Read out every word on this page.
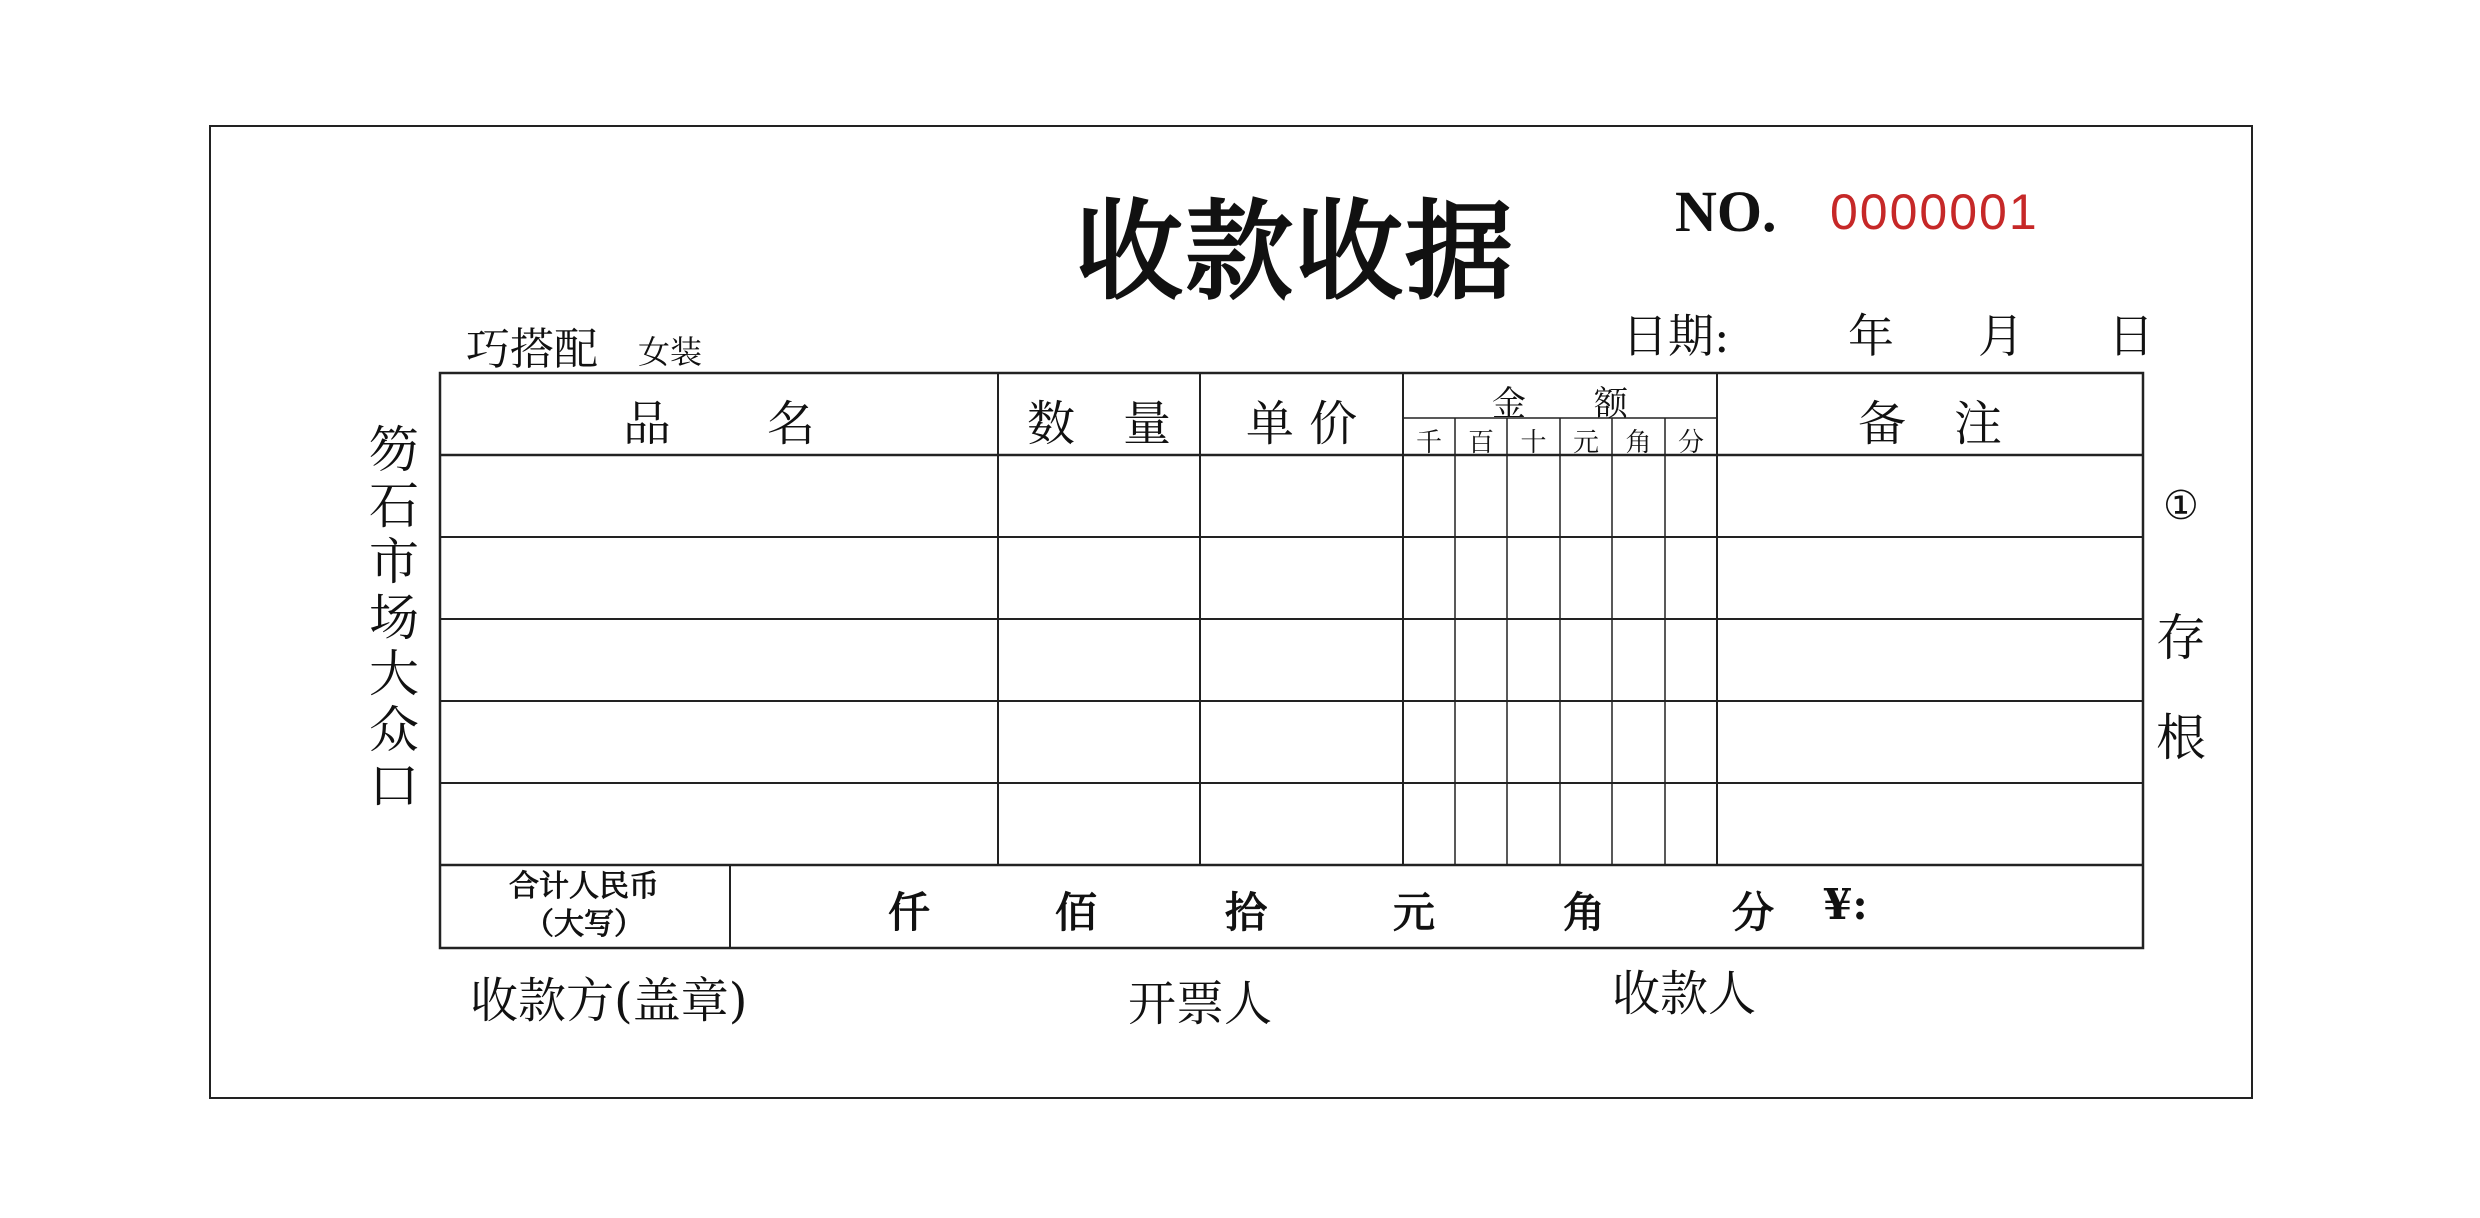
收款收据	NO. 0000001
巧搭配 女装	日期:	年 月 日
笏石市场大众口
①
存根
品　　名	数　量	单 价	金　　额	备　注
千 百	十	元	角	分
合计人民币
（大写）	仟	佰	拾	元	角	分 ¥:
收款方(盖章)	开票人	收款人
